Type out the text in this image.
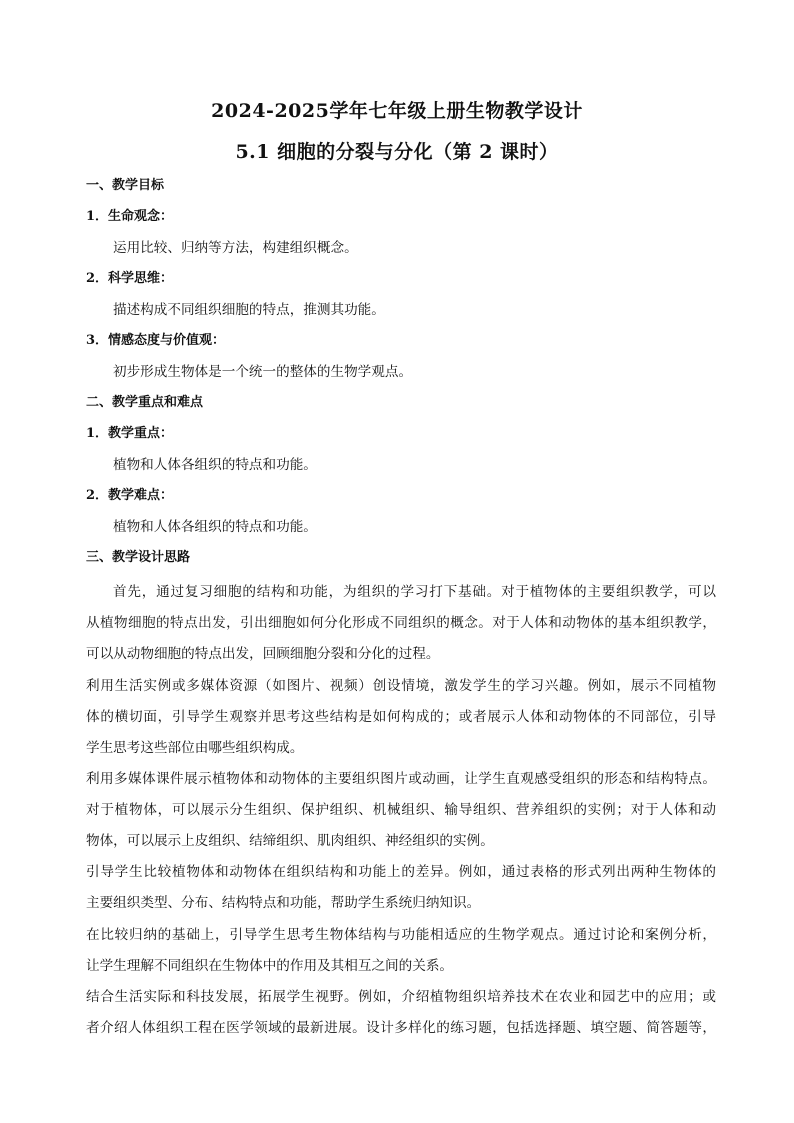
2024-2025学年七年级上册生物教学设计
5.1 细胞的分裂与分化（第 2 课时）
一、教学目标
1．生命观念：
运用比较、归纳等方法，构建组织概念。
2．科学思维：
描述构成不同组织细胞的特点，推测其功能。
3．情感态度与价值观：
初步形成生物体是一个统一的整体的生物学观点。
二、教学重点和难点
1．教学重点：
植物和人体各组织的特点和功能。
2．教学难点：
植物和人体各组织的特点和功能。
三、教学设计思路
首先，通过复习细胞的结构和功能，为组织的学习打下基础。对于植物体的主要组织教学，可以
从植物细胞的特点出发，引出细胞如何分化形成不同组织的概念。对于人体和动物体的基本组织教学，
可以从动物细胞的特点出发，回顾细胞分裂和分化的过程。
利用生活实例或多媒体资源（如图片、视频）创设情境，激发学生的学习兴趣。例如，展示不同植物
体的横切面，引导学生观察并思考这些结构是如何构成的；或者展示人体和动物体的不同部位，引导
学生思考这些部位由哪些组织构成。
利用多媒体课件展示植物体和动物体的主要组织图片或动画，让学生直观感受组织的形态和结构特点。
对于植物体，可以展示分生组织、保护组织、机械组织、输导组织、营养组织的实例；对于人体和动
物体，可以展示上皮组织、结缔组织、肌肉组织、神经组织的实例。
引导学生比较植物体和动物体在组织结构和功能上的差异。例如，通过表格的形式列出两种生物体的
主要组织类型、分布、结构特点和功能，帮助学生系统归纳知识。
在比较归纳的基础上，引导学生思考生物体结构与功能相适应的生物学观点。通过讨论和案例分析，
让学生理解不同组织在生物体中的作用及其相互之间的关系。
结合生活实际和科技发展，拓展学生视野。例如，介绍植物组织培养技术在农业和园艺中的应用；或
者介绍人体组织工程在医学领域的最新进展。设计多样化的练习题，包括选择题、填空题、简答题等，
